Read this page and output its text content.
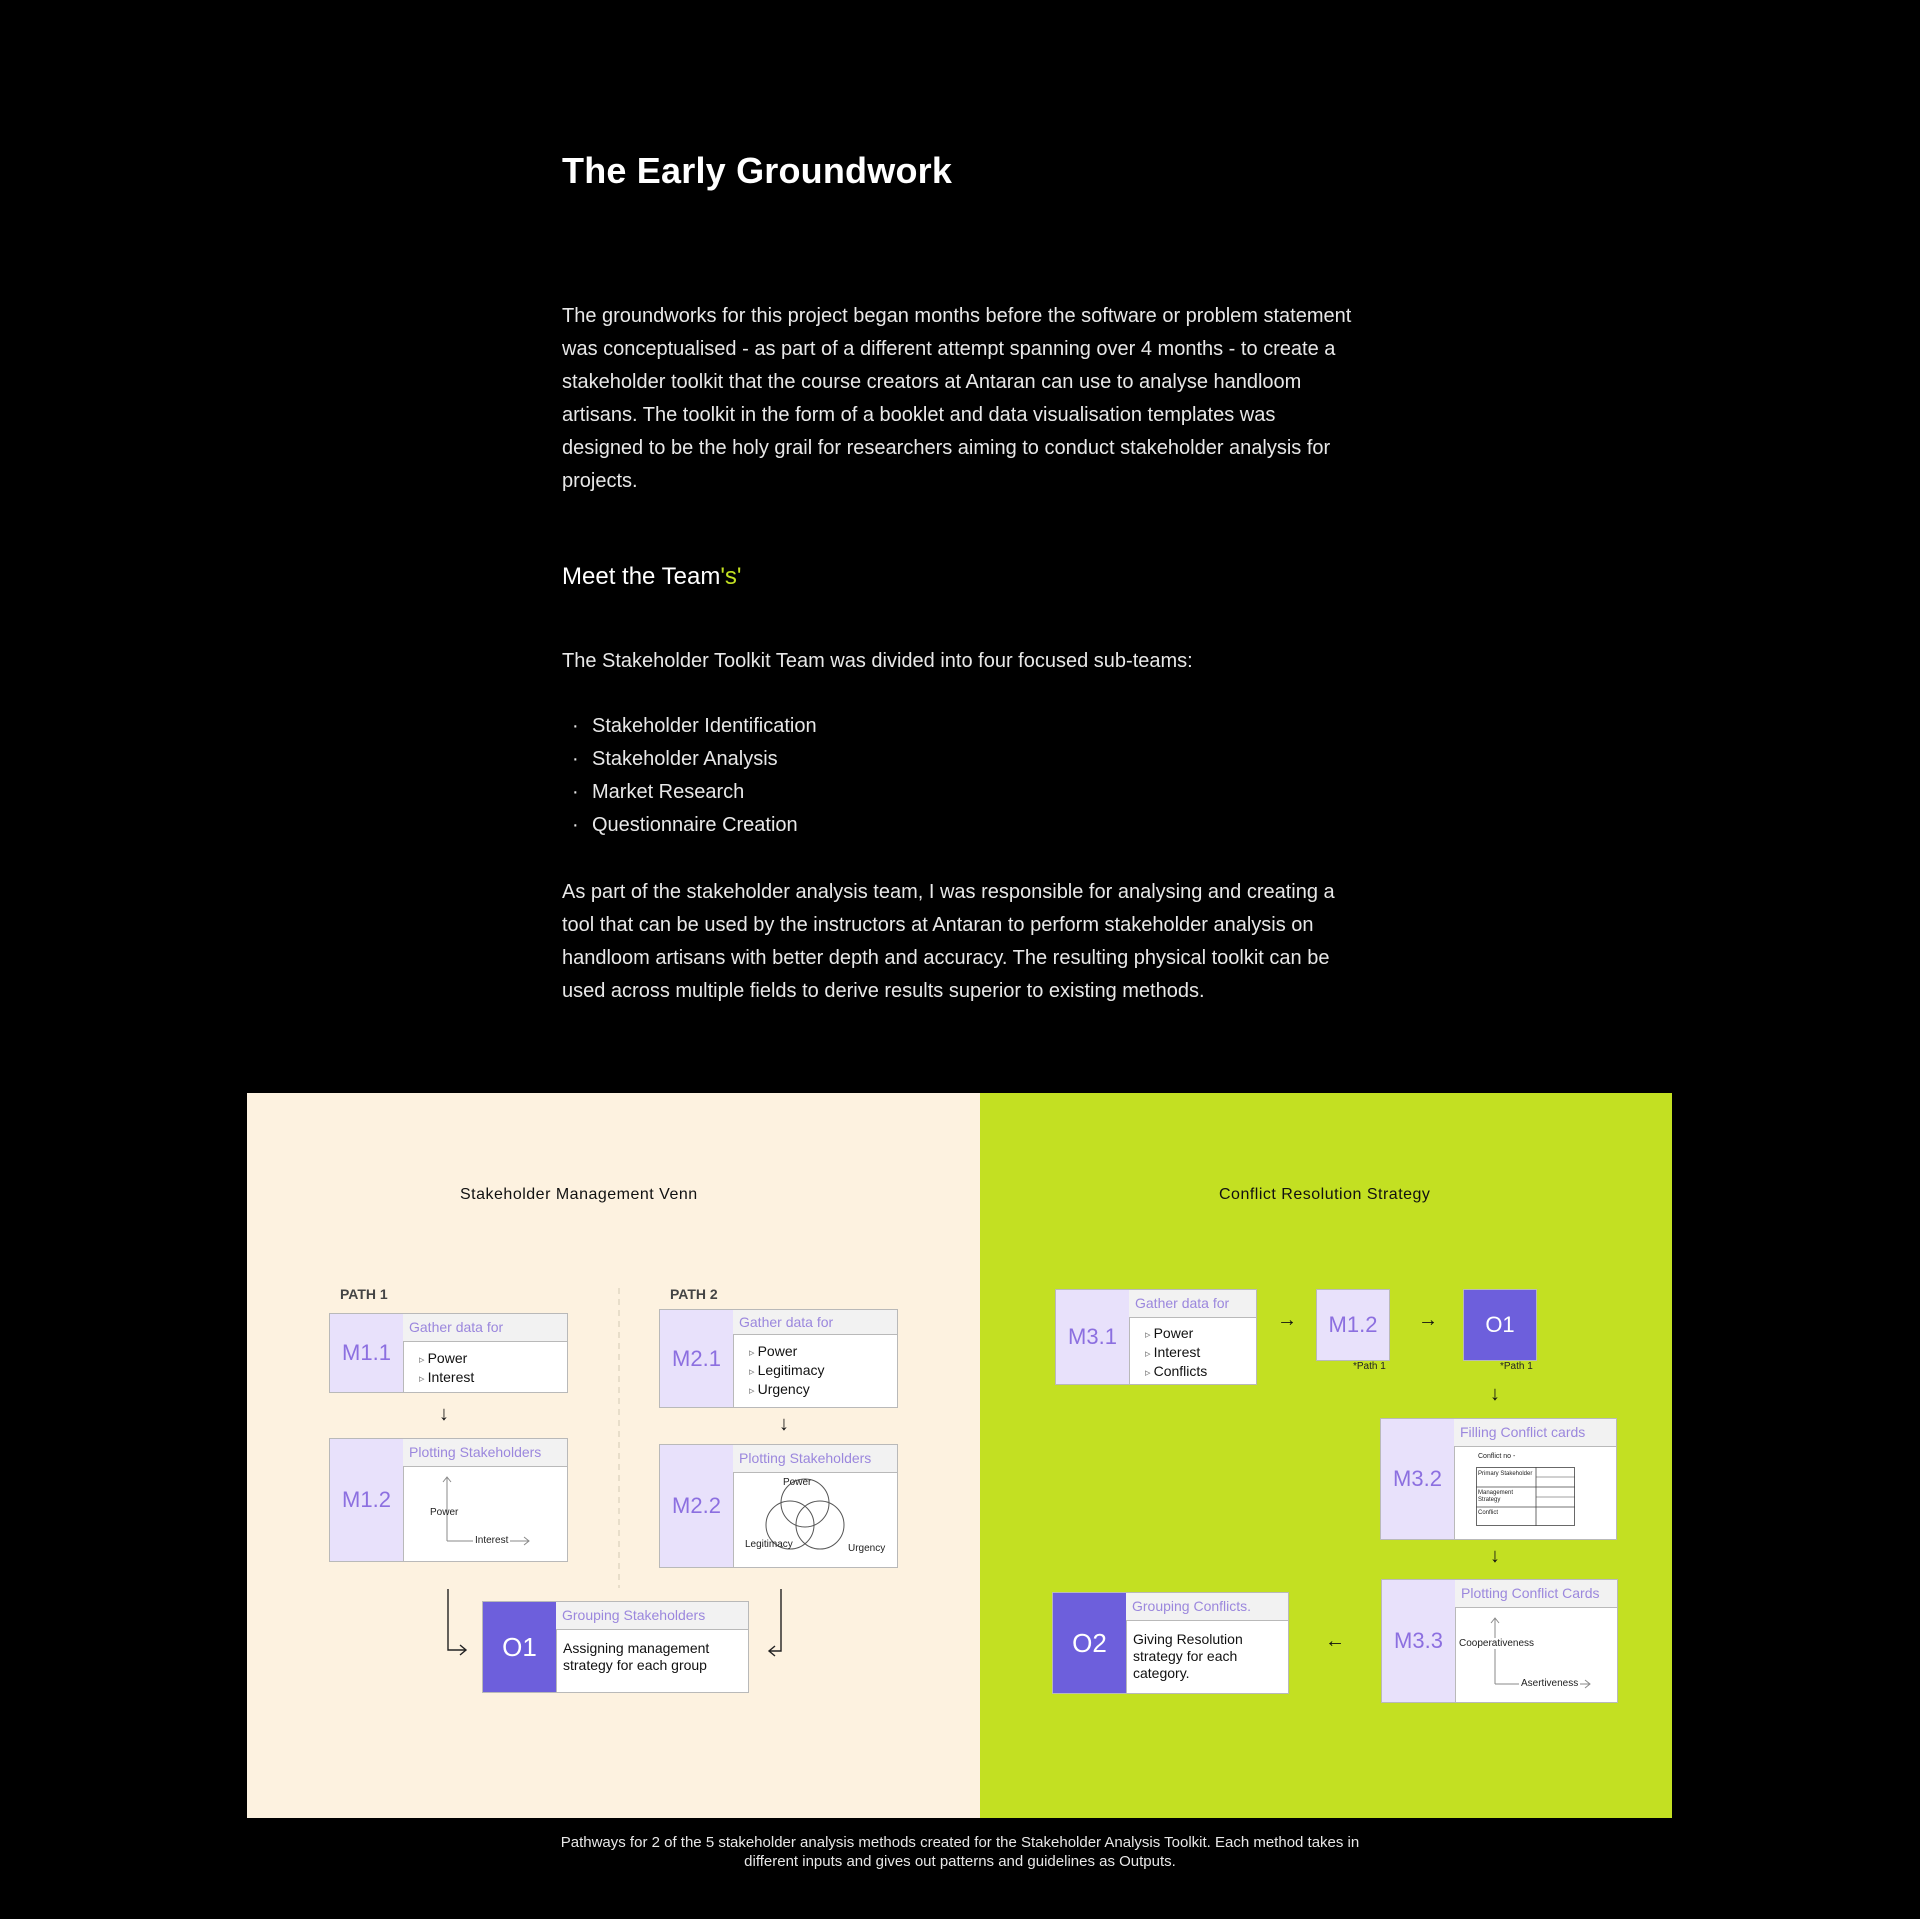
The Early Groundwork

The groundworks for this project began months before the software or problem statement was conceptualised - as part of a different attempt spanning over 4 months - to create a stakeholder toolkit that the course creators at Antaran can use to analyse handloom artisans. The toolkit in the form of a booklet and data visualisation templates was designed to be the holy grail for researchers aiming to conduct stakeholder analysis for projects.

Meet the Team's'

The Stakeholder Toolkit Team was divided into four focused sub-teams:

· Stakeholder Identification
· Stakeholder Analysis
· Market Research
· Questionnaire Creation

As part of the stakeholder analysis team, I was responsible for analysing and creating a tool that can be used by the instructors at Antaran to perform stakeholder analysis on handloom artisans with better depth and accuracy. The resulting physical toolkit can be used across multiple fields to derive results superior to existing methods.

Stakeholder Management Venn
PATH 1	PATH 2
M1.1
Gather data for
▹ Power
▹ Interest
↓
M1.2
Plotting Stakeholders
Power
Interest
M2.1
Gather data for
▹ Power
▹ Legitimacy
▹ Urgency
↓
M2.2
Plotting Stakeholders
Power
Legitimacy	Urgency
O1
Grouping Stakeholders
Assigning management strategy for each group
Conflict Resolution Strategy
M3.1
Gather data for
▹ Power
▹ Interest
▹ Conflicts
→	M1.2
*Path 1
→	O1
*Path 1
↓
M3.2
Filling Conflict cards
Conflict no -
Primary Stakeholder
Management Strategy
Conflict
↓
M3.3
Plotting Conflict Cards
Cooperativeness
Asertiveness
←
O2
Grouping Conflicts.
Giving Resolution strategy for each category.

Pathways for 2 of the 5 stakeholder analysis methods created for the Stakeholder Analysis Toolkit. Each method takes in different inputs and gives out patterns and guidelines as Outputs.
